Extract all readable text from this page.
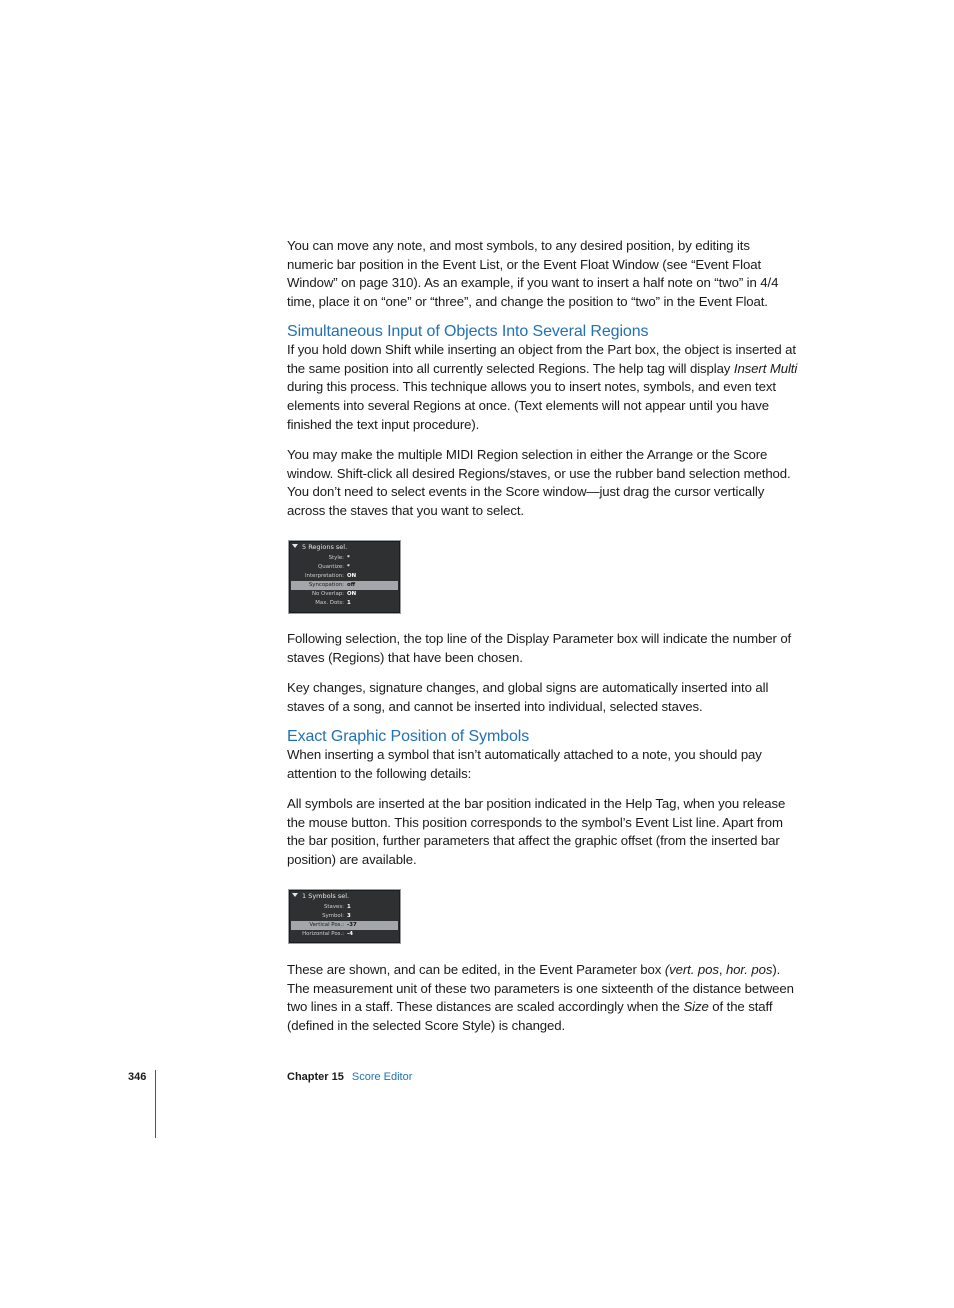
You can move any note, and most symbols, to any desired position, by editing its numeric bar position in the Event List, or the Event Float Window (see “Event Float Window” on page 310). As an example, if you want to insert a half note on “two” in 4/4 time, place it on “one” or “three”, and change the position to “two” in the Event Float.

Simultaneous Input of Objects Into Several Regions

If you hold down Shift while inserting an object from the Part box, the object is inserted at the same position into all currently selected Regions. The help tag will display Insert Multi during this process. This technique allows you to insert notes, symbols, and even text elements into several Regions at once. (Text elements will not appear until you have finished the text input procedure).

You may make the multiple MIDI Region selection in either the Arrange or the Score window. Shift-click all desired Regions/staves, or use the rubber band selection method. You don’t need to select events in the Score window—just drag the cursor vertically across the staves that you want to select.

5 Regions sel.
Style: *
Quantize: *
Interpretation: ON
Syncopation: off
No Overlap: ON
Max. Dots: 1

Following selection, the top line of the Display Parameter box will indicate the number of staves (Regions) that have been chosen.

Key changes, signature changes, and global signs are automatically inserted into all staves of a song, and cannot be inserted into individual, selected staves.

Exact Graphic Position of Symbols

When inserting a symbol that isn’t automatically attached to a note, you should pay attention to the following details:

All symbols are inserted at the bar position indicated in the Help Tag, when you release the mouse button. This position corresponds to the symbol’s Event List line. Apart from the bar position, further parameters that affect the graphic offset (from the inserted bar position) are available.

1 Symbols sel.
Staves: 1
Symbol: 3
Vertical Pos.: -37
Horizontal Pos.: -4

These are shown, and can be edited, in the Event Parameter box (vert. pos, hor. pos). The measurement unit of these two parameters is one sixteenth of the distance between two lines in a staff. These distances are scaled accordingly when the Size of the staff (defined in the selected Score Style) is changed.

346	Chapter 15 Score Editor
